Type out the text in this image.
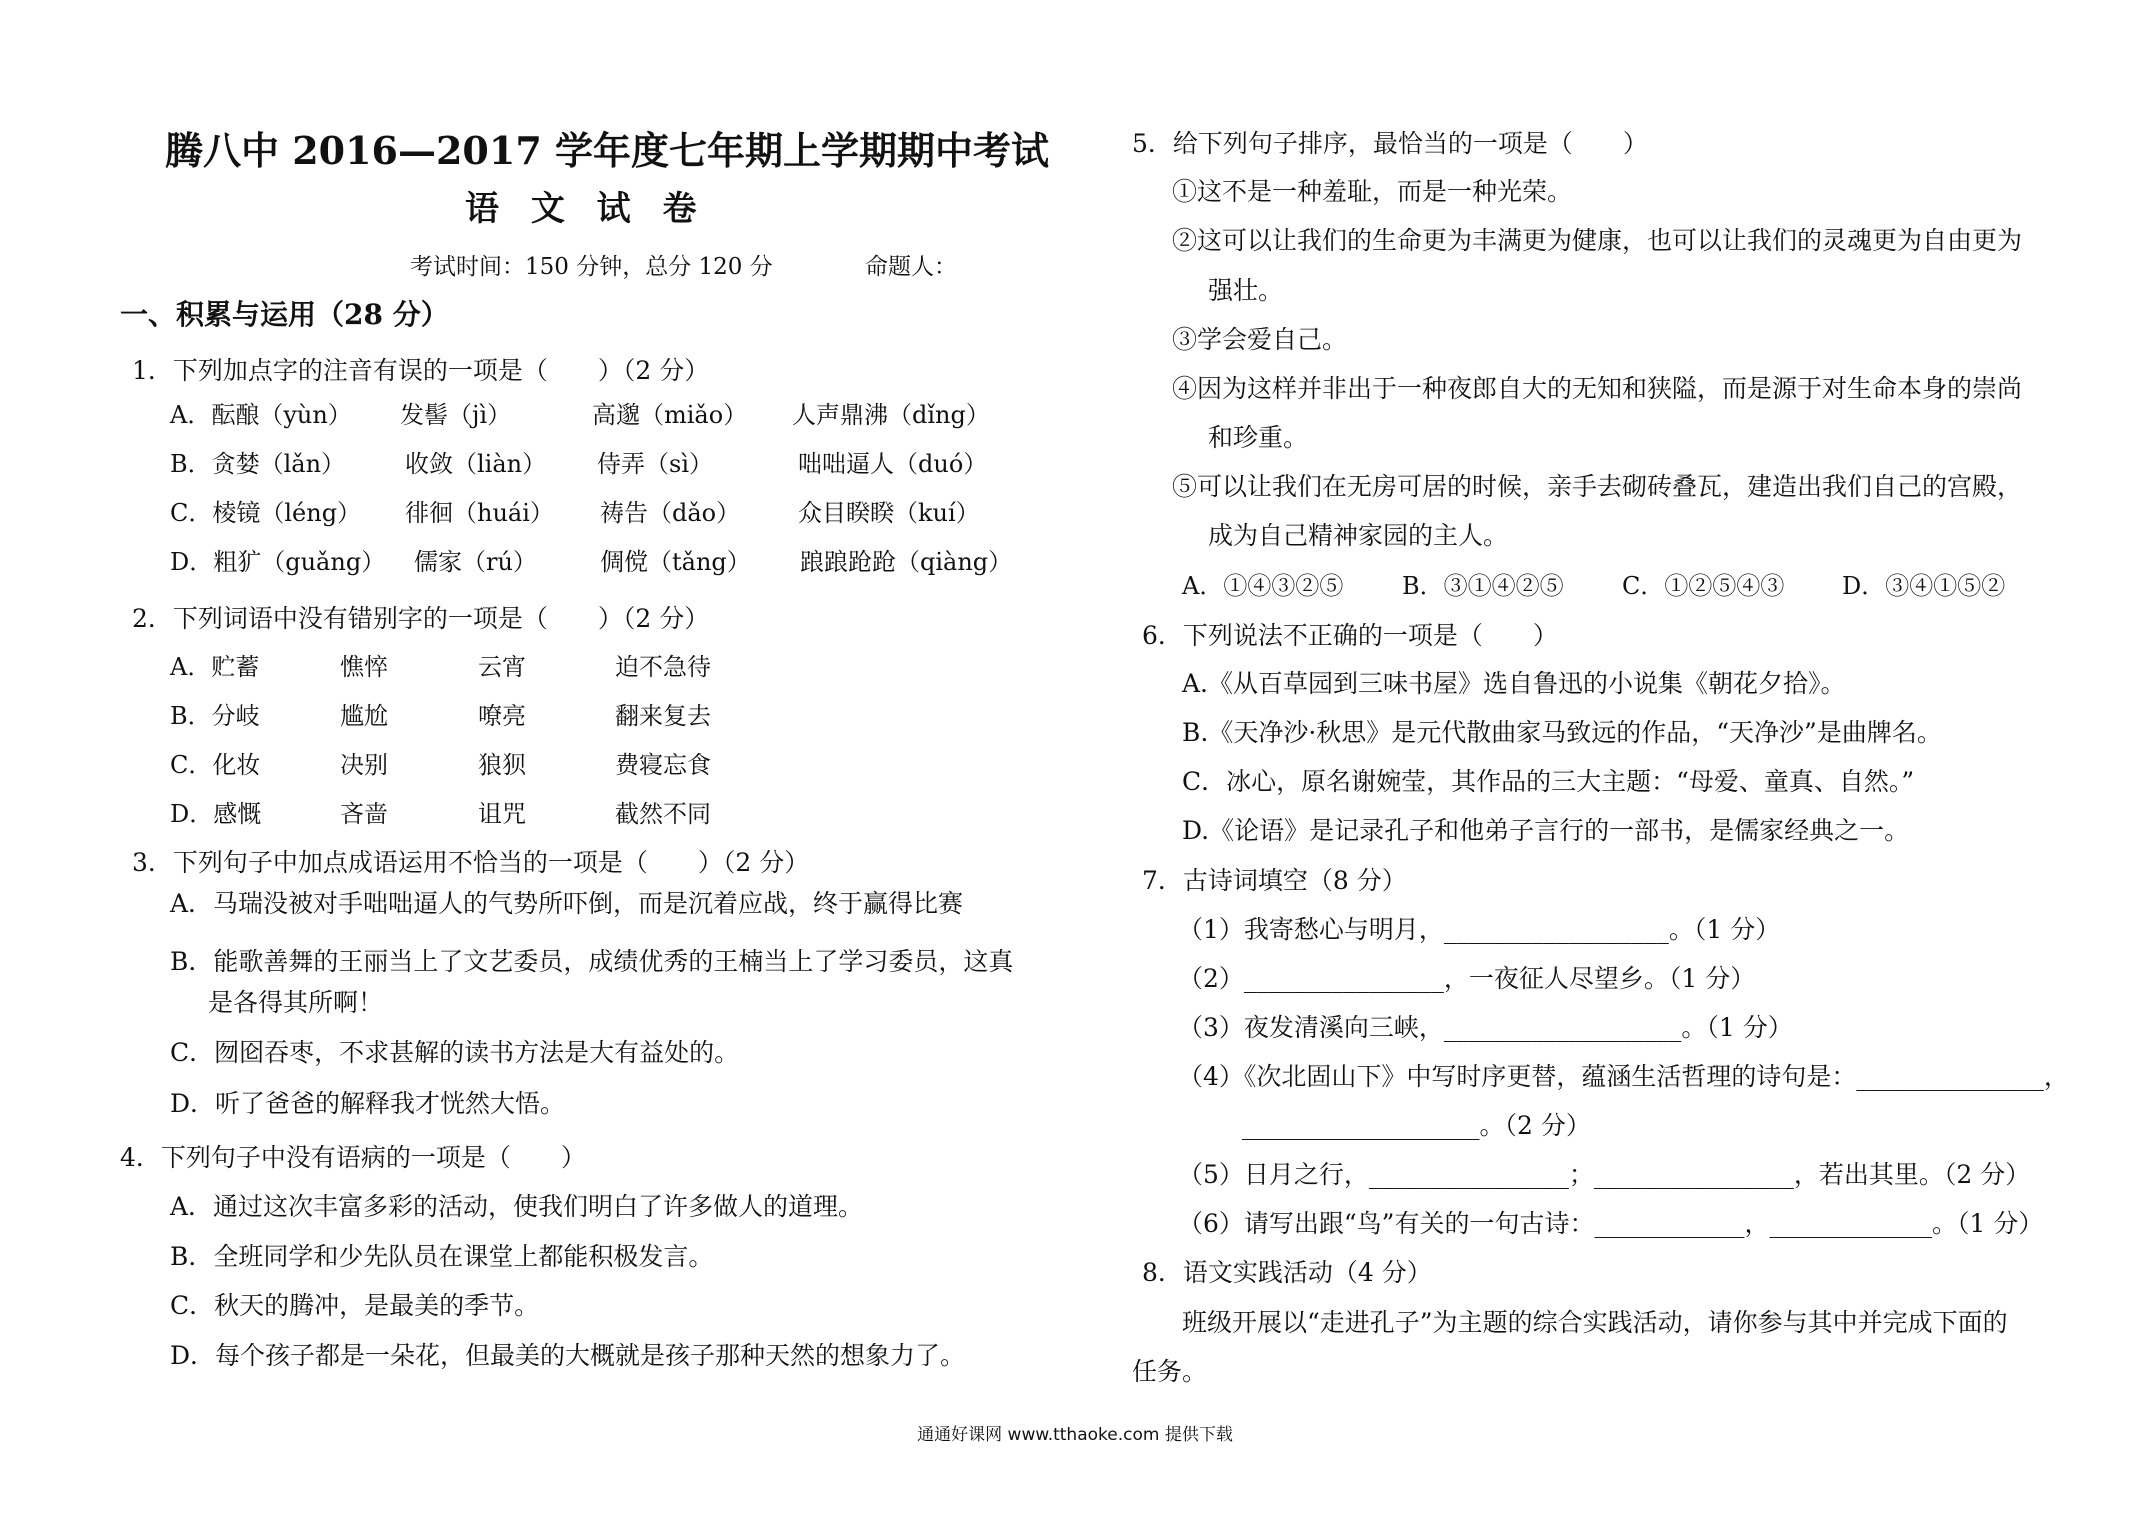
腾八中 2016—2017 学年度七年期上学期期中考试
语 文 试 卷
考试时间：150 分钟，总分 120 分	命题人：
一、积累与运用（28 分）
1．下列加点字的注音有误的一项是（　　）（2 分）
A．酝酿（yùn） 发髻（jì）	高邈（miǎo） 人声鼎沸（dǐng）
B．贪婪（lǎn） 收敛（liàn） 侍弄（sì）	咄咄逼人（duó）
C．棱镜（léng） 徘徊（huái） 祷告（dǎo） 众目睽睽（kuí）
D．粗犷（guǎng） 儒家（rú）	倜傥（tǎng） 踉踉跄跄（qiàng）
2．下列词语中没有错别字的一项是（　　）（2 分）
A．贮蓄	憔悴	云宵	迫不急待
B．分岐	尴尬	嘹亮	翻来复去
C．化妆	决别	狼狈	费寝忘食
D．感慨	吝啬	诅咒	截然不同
3．下列句子中加点成语运用不恰当的一项是（　　）（2 分）
A．马瑞没被对手咄咄逼人的气势所吓倒，而是沉着应战，终于赢得比赛
B．能歌善舞的王丽当上了文艺委员，成绩优秀的王楠当上了学习委员，这真
是各得其所啊！
C．囫囵吞枣，不求甚解的读书方法是大有益处的。
D．听了爸爸的解释我才恍然大悟。
4．下列句子中没有语病的一项是（　　）
A．通过这次丰富多彩的活动，使我们明白了许多做人的道理。
B．全班同学和少先队员在课堂上都能积极发言。
C．秋天的腾冲，是最美的季节。
D．每个孩子都是一朵花，但最美的大概就是孩子那种天然的想象力了。
5．给下列句子排序，最恰当的一项是（　　）
①这不是一种羞耻，而是一种光荣。
②这可以让我们的生命更为丰满更为健康，也可以让我们的灵魂更为自由更为
强壮。
③学会爱自己。
④因为这样并非出于一种夜郎自大的无知和狭隘，而是源于对生命本身的崇尚
和珍重。
⑤可以让我们在无房可居的时候，亲手去砌砖叠瓦，建造出我们自己的宫殿，
成为自己精神家园的主人。
A．①④③②⑤ B．③①④②⑤ C．①②⑤④③ D．③④①⑤②
6．下列说法不正确的一项是（　　）
A.《从百草园到三味书屋》选自鲁迅的小说集《朝花夕拾》。
B.《天净沙·秋思》是元代散曲家马致远的作品，“天净沙”是曲牌名。
C．冰心，原名谢婉莹，其作品的三大主题：“母爱、童真、自然。”
D.《论语》是记录孔子和他弟子言行的一部书，是儒家经典之一。
7．古诗词填空（8 分）
（1）我寄愁心与明月，__________________。（1 分）
（2）________________，一夜征人尽望乡。（1 分）
（3）夜发清溪向三峡，___________________。（1 分）
（4）《次北固山下》中写时序更替，蕴涵生活哲理的诗句是：_______________，
___________________。（2 分）
（5）日月之行，________________；________________，若出其里。（2 分）
（6）请写出跟“鸟”有关的一句古诗：____________，_____________。（1 分）
8．语文实践活动（4 分）
班级开展以“走进孔子”为主题的综合实践活动，请你参与其中并完成下面的
任务。
通通好课网 www.tthaoke.com 提供下载
